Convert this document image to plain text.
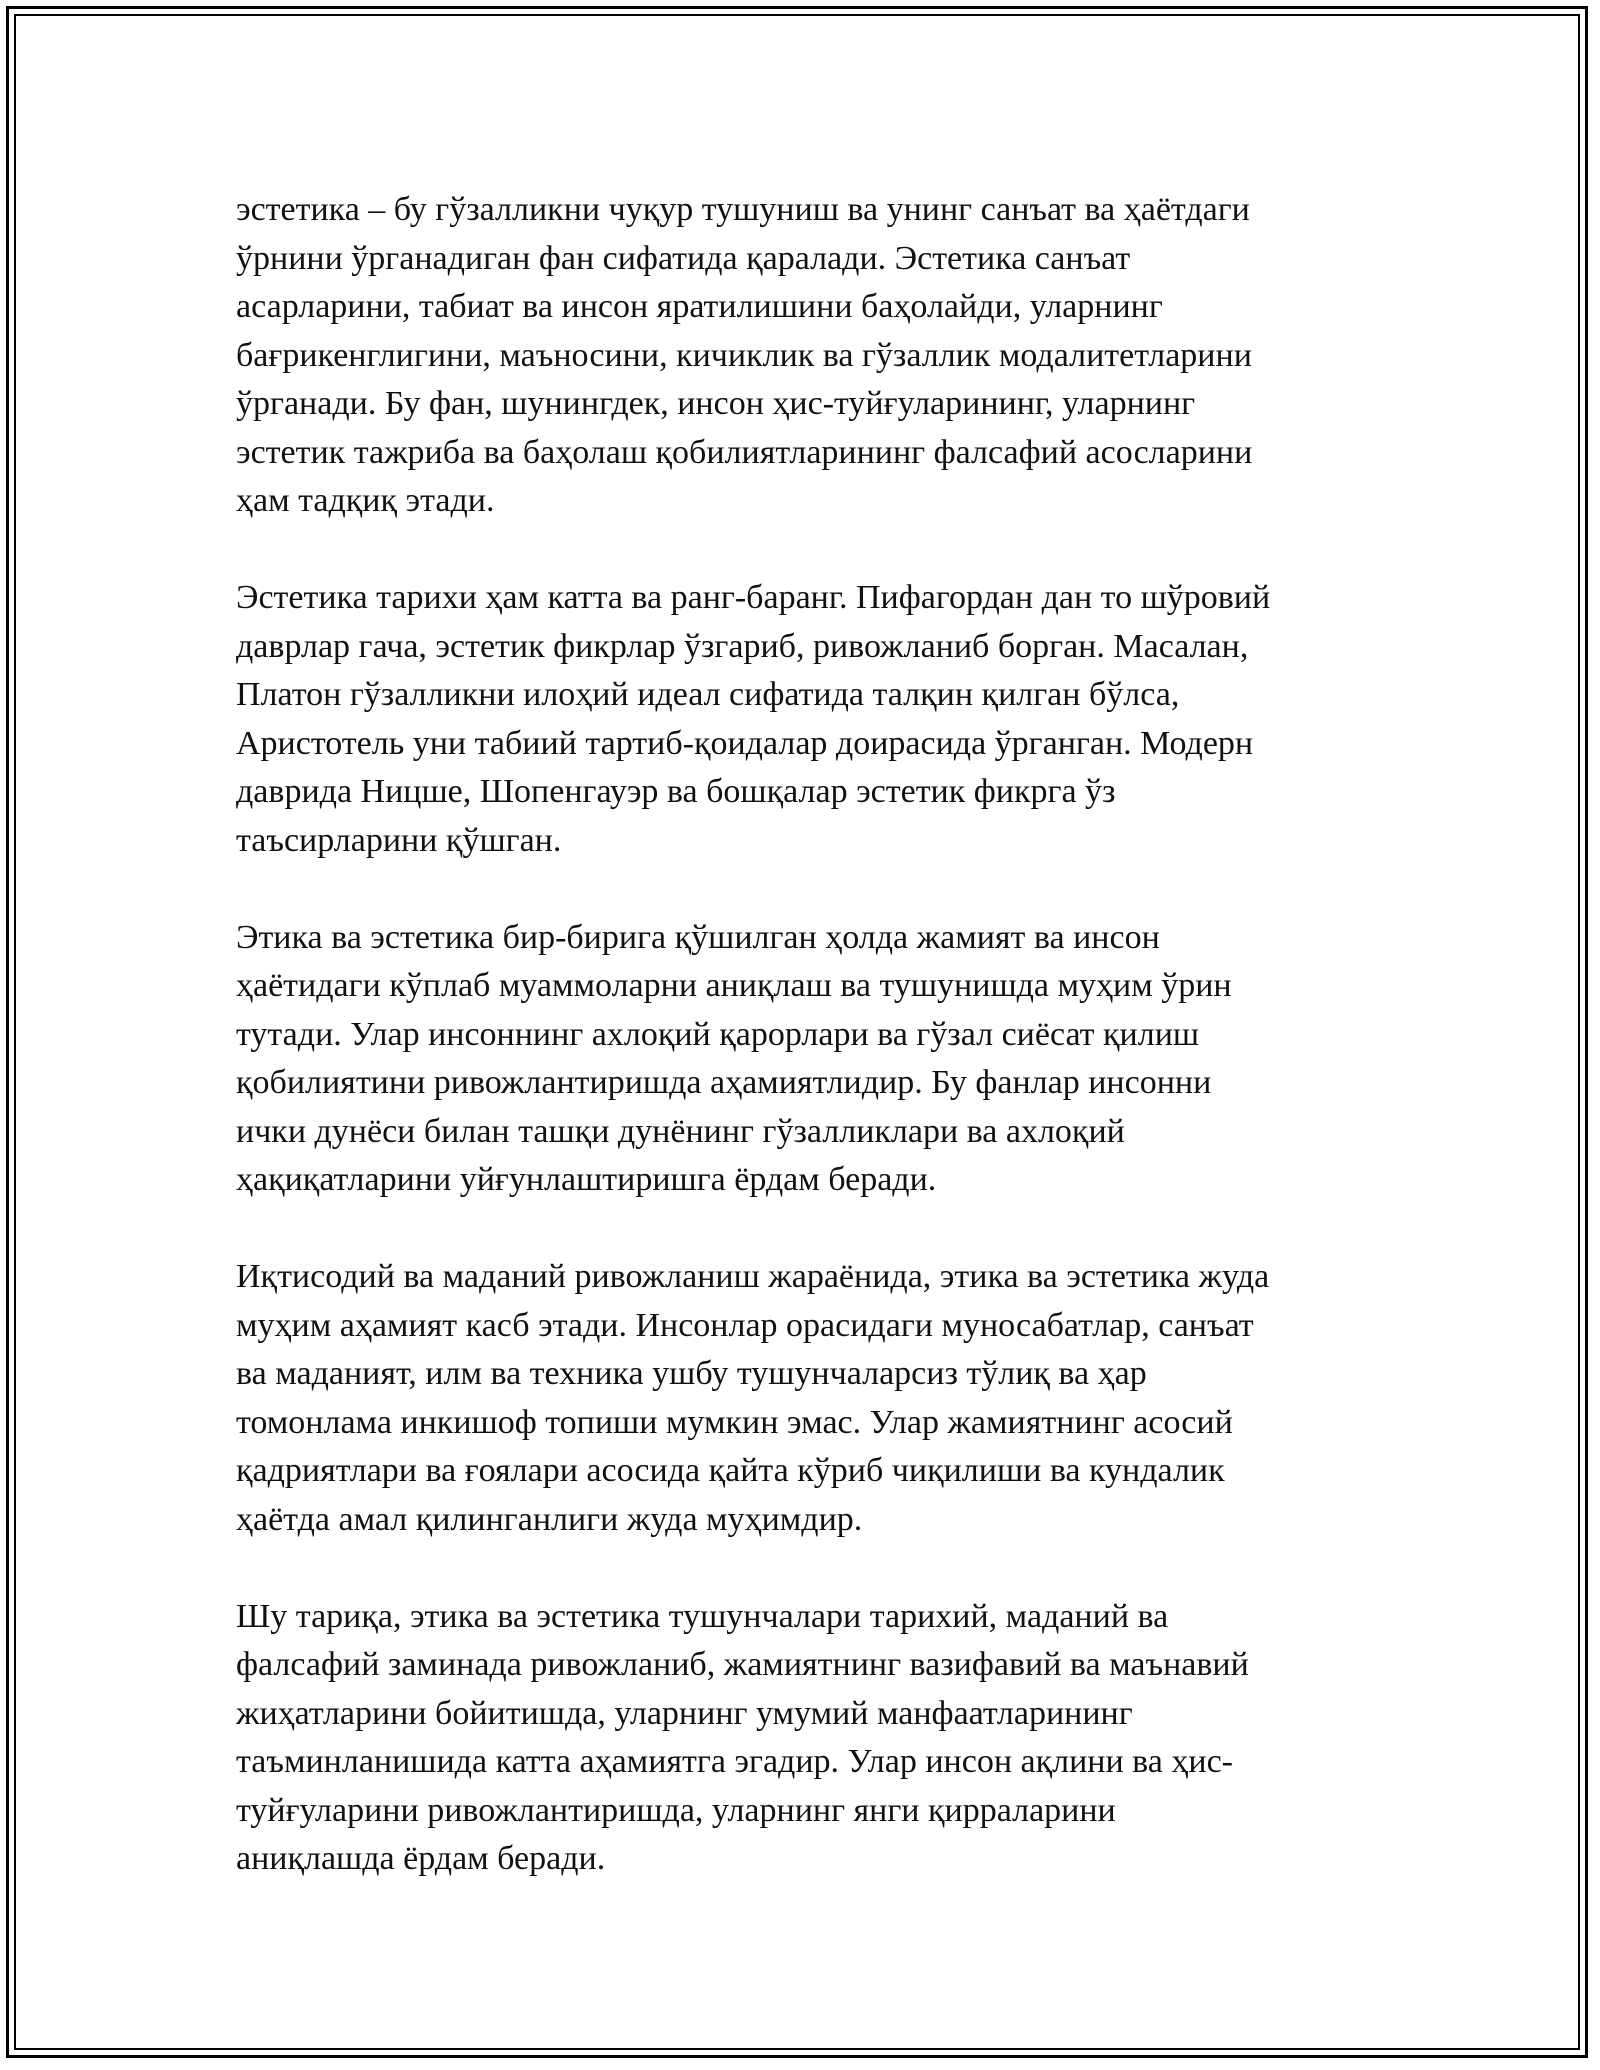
эстетика – бу гўзалликни чуқур тушуниш ва унинг санъат ва ҳаётдаги
ўрнини ўрганадиган фан сифатида қаралади. Эстетика санъат
асарларини, табиат ва инсон яратилишини баҳолайди, уларнинг
бағрикенглигини, маъносини, кичиклик ва гўзаллик модалитетларини
ўрганади. Бу фан, шунингдек, инсон ҳис-туйғуларининг, уларнинг
эстетик тажриба ва баҳолаш қобилиятларининг фалсафий асосларини
ҳам тадқиқ этади.

Эстетика тарихи ҳам катта ва ранг-баранг. Пифагордан дан то шўровий
даврлар гача, эстетик фикрлар ўзгариб, ривожланиб борган. Масалан,
Платон гўзалликни илоҳий идеал сифатида талқин қилган бўлса,
Аристотель уни табиий тартиб-қоидалар доирасида ўрганган. Модерн
даврида Ницше, Шопенгауэр ва бошқалар эстетик фикрга ўз
таъсирларини қўшган.

Этика ва эстетика бир-бирига қўшилган ҳолда жамият ва инсон
ҳаётидаги кўплаб муаммоларни аниқлаш ва тушунишда муҳим ўрин
тутади. Улар инсоннинг ахлоқий қарорлари ва гўзал сиёсат қилиш
қобилиятини ривожлантиришда аҳамиятлидир. Бу фанлар инсонни
ички дунёси билан ташқи дунёнинг гўзалликлари ва ахлоқий
ҳақиқатларини уйғунлаштиришга ёрдам беради.

Иқтисодий ва маданий ривожланиш жараёнида, этика ва эстетика жуда
муҳим аҳамият касб этади. Инсонлар орасидаги муносабатлар, санъат
ва маданият, илм ва техника ушбу тушунчаларсиз тўлиқ ва ҳар
томонлама инкишоф топиши мумкин эмас. Улар жамиятнинг асосий
қадриятлари ва ғоялари асосида қайта кўриб чиқилиши ва кундалик
ҳаётда амал қилинганлиги жуда муҳимдир.

Шу тариқа, этика ва эстетика тушунчалари тарихий, маданий ва
фалсафий заминада ривожланиб, жамиятнинг вазифавий ва маънавий
жиҳатларини бойитишда, уларнинг умумий манфаатларининг
таъминланишида катта аҳамиятга эгадир. Улар инсон ақлини ва ҳис-
туйғуларини ривожлантиришда, уларнинг янги қирраларини
аниқлашда ёрдам беради.
